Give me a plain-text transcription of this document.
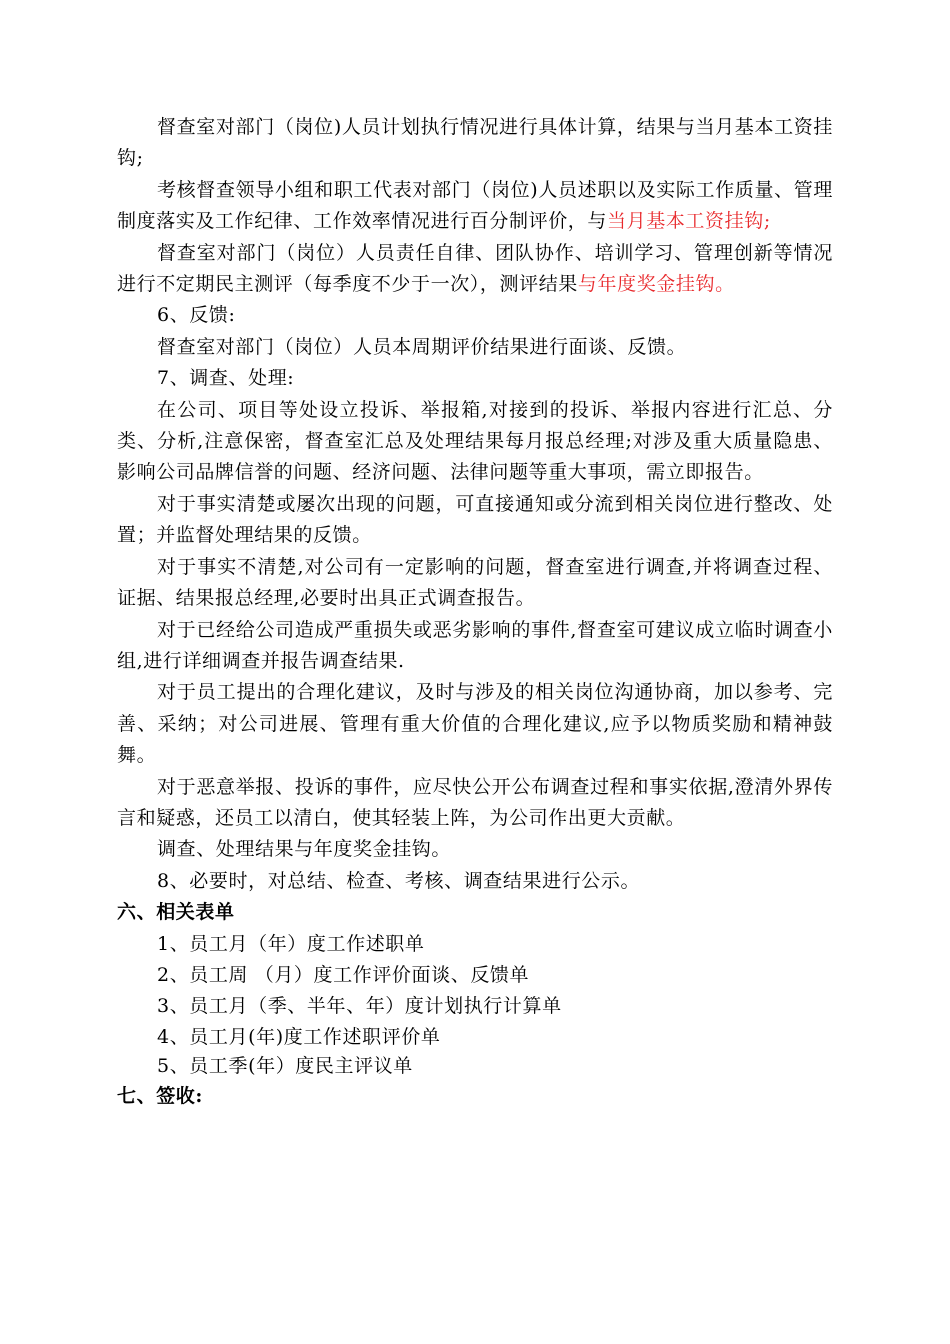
督查室对部门（岗位)人员计划执行情况进行具体计算，结果与当月基本工资挂钩;

考核督查领导小组和职工代表对部门（岗位)人员述职以及实际工作质量、管理制度落实及工作纪律、工作效率情况进行百分制评价，与当月基本工资挂钩;

督查室对部门（岗位）人员责任自律、团队协作、培训学习、管理创新等情况进行不定期民主测评（每季度不少于一次），测评结果与年度奖金挂钩。

6、反馈:

督查室对部门（岗位）人员本周期评价结果进行面谈、反馈。

7、调查、处理:

在公司、项目等处设立投诉、举报箱,对接到的投诉、举报内容进行汇总、分类、分析,注意保密，督查室汇总及处理结果每月报总经理;对涉及重大质量隐患、影响公司品牌信誉的问题、经济问题、法律问题等重大事项，需立即报告。

对于事实清楚或屡次出现的问题，可直接通知或分流到相关岗位进行整改、处置；并监督处理结果的反馈。

对于事实不清楚,对公司有一定影响的问题，督查室进行调查,并将调查过程、证据、结果报总经理,必要时出具正式调查报告。

对于已经给公司造成严重损失或恶劣影响的事件,督查室可建议成立临时调查小组,进行详细调查并报告调查结果.

对于员工提出的合理化建议，及时与涉及的相关岗位沟通协商，加以参考、完善、采纳；对公司进展、管理有重大价值的合理化建议,应予以物质奖励和精神鼓舞。

对于恶意举报、投诉的事件，应尽快公开公布调查过程和事实依据,澄清外界传言和疑惑，还员工以清白，使其轻装上阵，为公司作出更大贡献。

调查、处理结果与年度奖金挂钩。

8、必要时，对总结、检查、考核、调查结果进行公示。

六、相关表单

1、员工月（年）度工作述职单

2、员工周 （月）度工作评价面谈、反馈单

3、员工月（季、半年、年）度计划执行计算单

4、员工月(年)度工作述职评价单

5、员工季(年）度民主评议单

七、签收:
